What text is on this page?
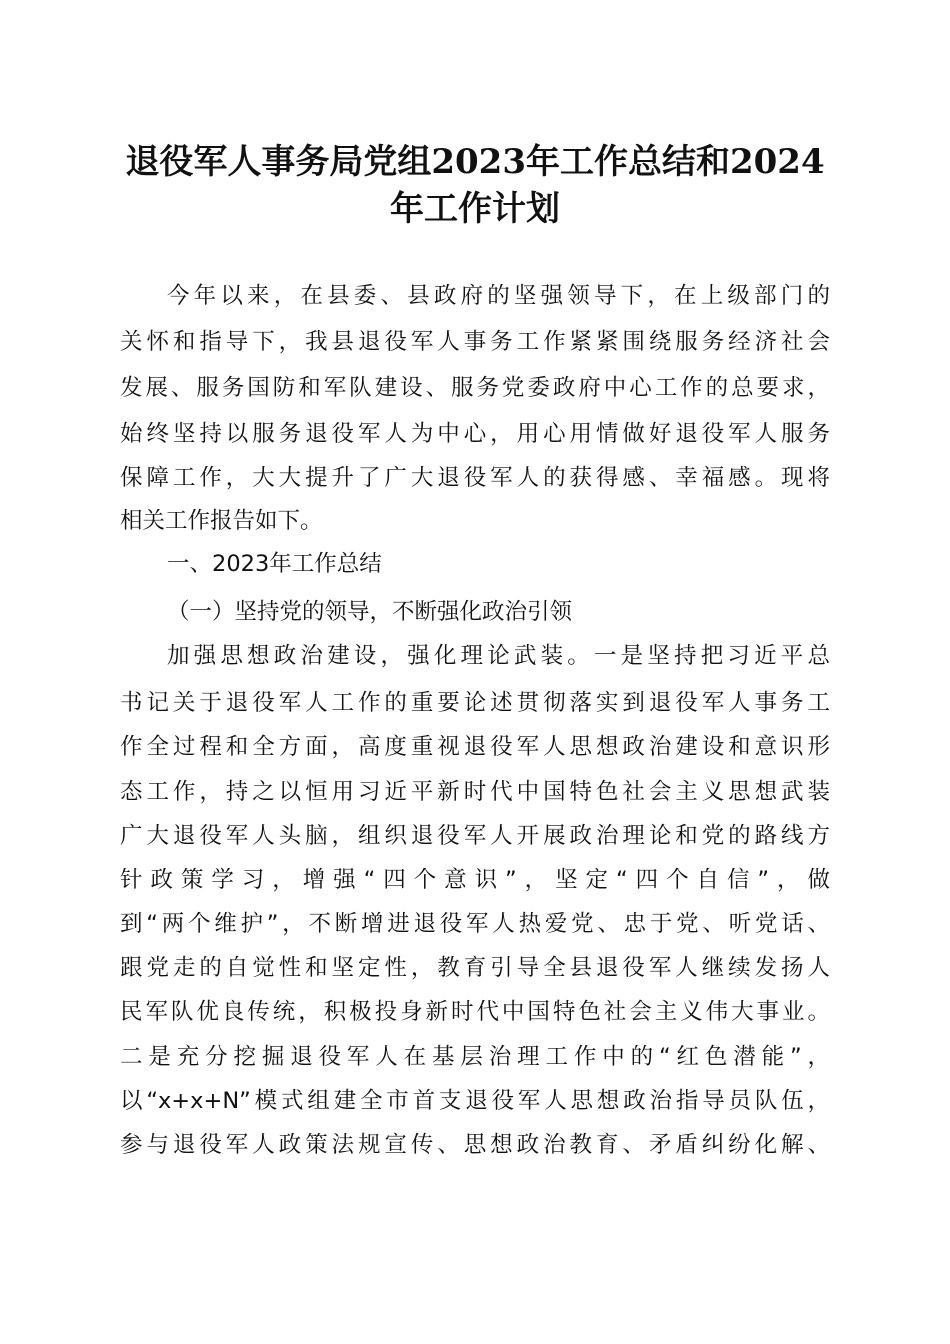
退役军人事务局党组2023年工作总结和2024
年工作计划
今年以来，在县委、县政府的坚强领导下，在上级部门的
关怀和指导下，我县退役军人事务工作紧紧围绕服务经济社会
发展、服务国防和军队建设、服务党委政府中心工作的总要求，
始终坚持以服务退役军人为中心，用心用情做好退役军人服务
保障工作，大大提升了广大退役军人的获得感、幸福感。现将
相关工作报告如下。
一、2023年工作总结
（一）坚持党的领导，不断强化政治引领
加强思想政治建设，强化理论武装。一是坚持把习近平总
书记关于退役军人工作的重要论述贯彻落实到退役军人事务工
作全过程和全方面，高度重视退役军人思想政治建设和意识形
态工作，持之以恒用习近平新时代中国特色社会主义思想武装
广大退役军人头脑，组织退役军人开展政治理论和党的路线方
针政策学习，增强“四个意识”，坚定“四个自信”，做
到“两个维护”，不断增进退役军人热爱党、忠于党、听党话、
跟党走的自觉性和坚定性，教育引导全县退役军人继续发扬人
民军队优良传统，积极投身新时代中国特色社会主义伟大事业。
二是充分挖掘退役军人在基层治理工作中的“红色潜能”，
以“x+x+N”模式组建全市首支退役军人思想政治指导员队伍，
参与退役军人政策法规宣传、思想政治教育、矛盾纠纷化解、
